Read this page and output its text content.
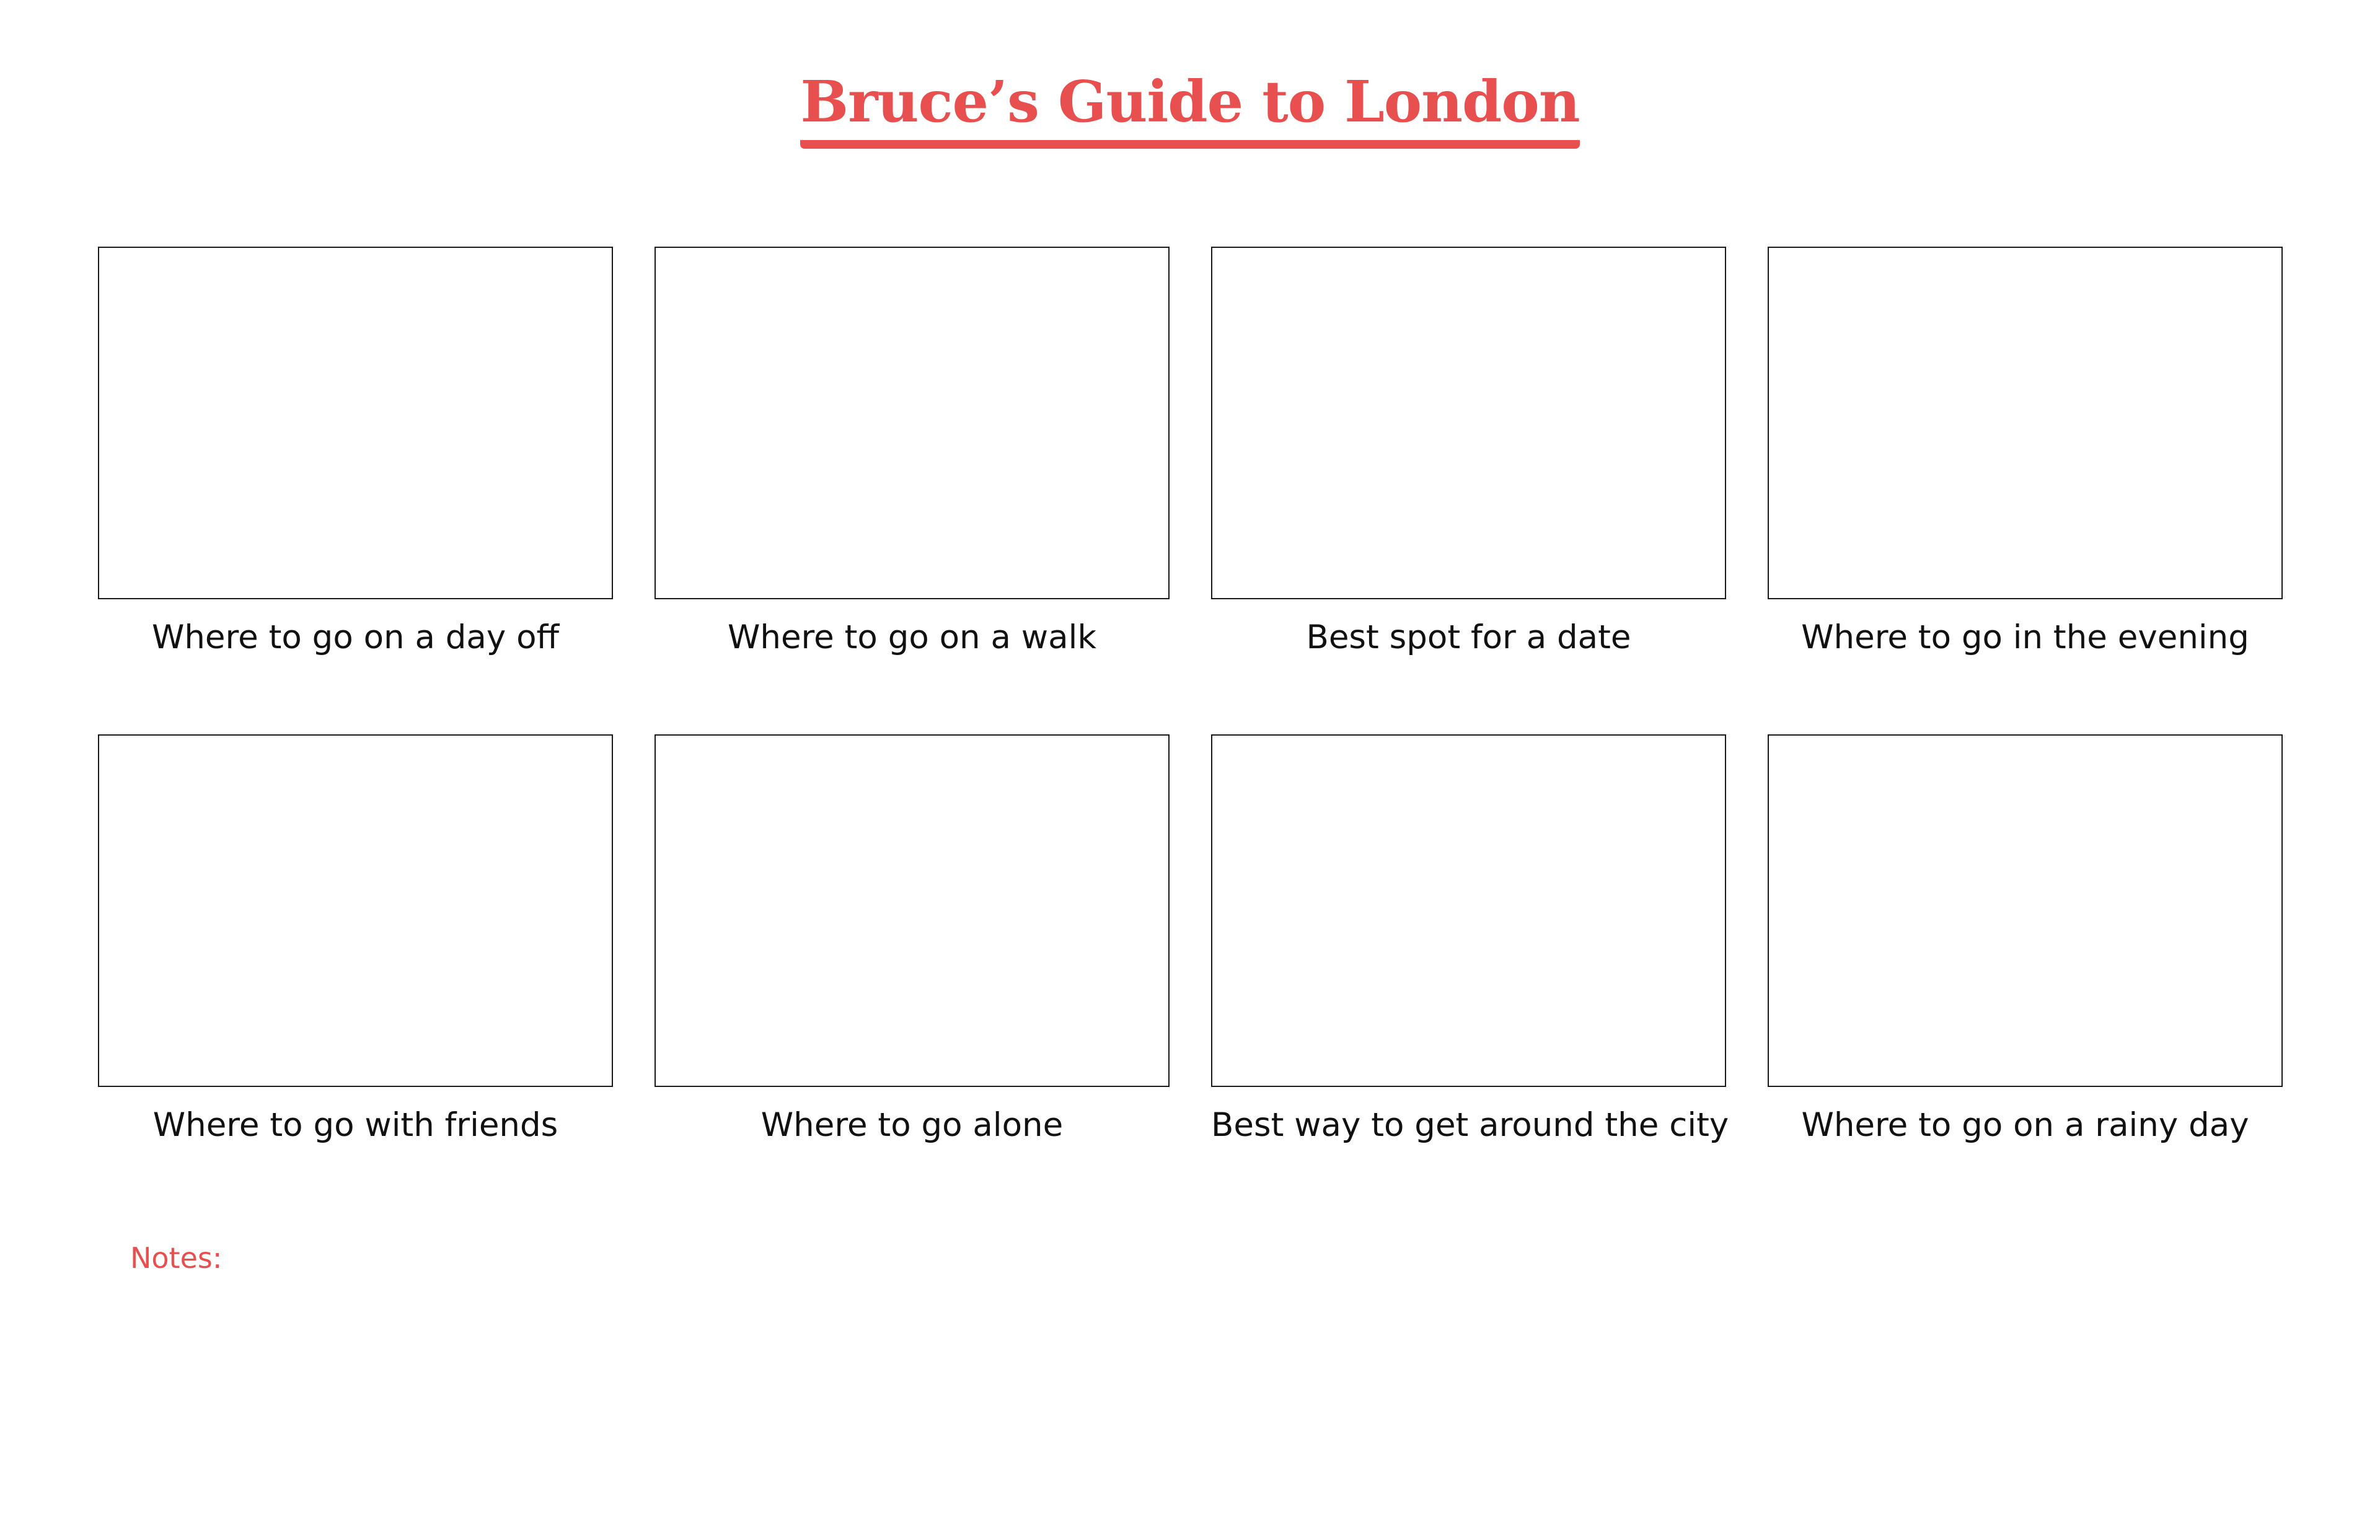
Bruce’s Guide to London
Where to go on a day off	Where to go on a walk	Best spot for a date	Where to go in the evening
Where to go with friends	Where to go alone	Best way to get around the city	Where to go on a rainy day
Notes:
